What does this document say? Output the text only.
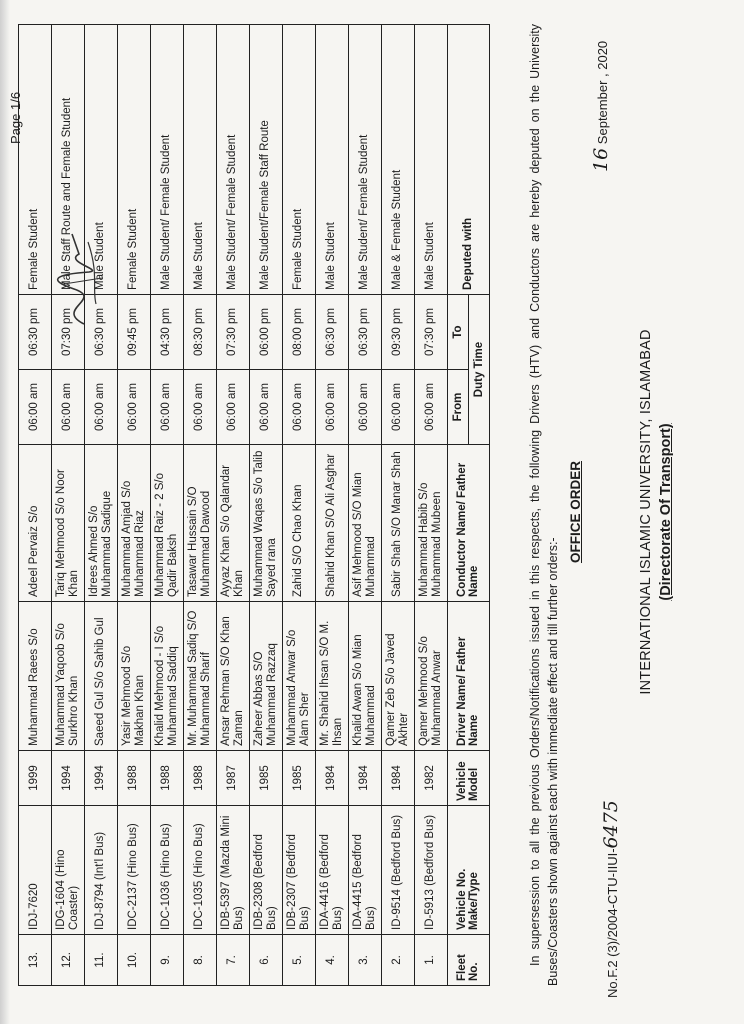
INTERNATIONAL ISLAMIC UNIVERSITY, ISLAMABAD (Directorate Of Transport)
No.F.2 (3)/2004-CTU-IIUI-6475
16 September , 2020
OFFICE ORDER
In supersession to all the previous Orders/Notifications issued in this respects, the following Drivers (HTV) and Conductors are hereby deputed on the University Buses/Coasters shown against each with immediate effect and till further orders:-
Fleet No.	Vehicle No. Make/Type	Vehicle Model	Driver Name/ Father Name	Conductor Name/ Father Name	Duty Time		Deputed with
					From	To	
1.	ID-5913 (Bedford Bus)	1982	Qamer Mehmood S/o Muhammad Anwar	Muhammad Habib S/o Muhammad Mubeen	06:00 am	07:30 pm	Male Student
2.	ID-9514 (Bedford Bus)	1984	Qamer Zeb S/o Javed Akhter	Sabir Shah S/O Manar Shah	06:00 am	09:30 pm	Male & Female Student
3.	IDA-4415 (Bedford Bus)	1984	Khalid Awan S/o Mian Muhammad	Asif Mehmood S/O Mian Muhammad	06:00 am	06:30 pm	Male Student/ Female Student
4.	IDA-4416 (Bedford Bus)	1984	Mr. Shahid Ihsan S/O M. Ihsan	Shahid Khan S/O Ali Asghar	06:00 am	06:30 pm	Male Student
5.	IDB-2307 (Bedford Bus)	1985	Muhammad Anwar S/o Alam Sher	Zahid S/O Chao Khan	06:00 am	08:00 pm	Female Student
6.	IDB-2308 (Bedford Bus)	1985	Zaheer Abbas S/O Muhammad Razzaq	Muhammad Waqas S/o Talib Sayed rana	06:00 am	06:00 pm	Male Student/Female Staff Route
7.	IDB-5397 (Mazda Mini Bus)	1987	Ansar Rehman S/O Khan Zaman	Ayyaz Khan S/o Qalandar Khan	06:00 am	07:30 pm	Male Student/ Female Student
8.	IDC-1035 (Hino Bus)	1988	Mr. Muhammad Sadiq S/O Muhammad Sharif	Tasawar Hussain S/O Muhammad Dawood	06:00 am	08:30 pm	Male Student
9.	IDC-1036 (Hino Bus)	1988	Khalid Mehmood - I S/o Muhammad Saddiq	Muhammad Raiz - 2 S/o Qadir Baksh	06:00 am	04:30 pm	Male Student/ Female Student
10.	IDC-2137 (Hino Bus)	1988	Yasir Mehmood S/o Makhan Khan	Muhammad Amjad S/o Muhammad Riaz	06:00 am	09:45 pm	Female Student
11.	IDJ-8794 (Int'l Bus)	1994	Saeed Gul S/o Sahib Gul	Idrees Ahmed S/o Muhammad Sadique	06:00 am	06:30 pm	Male Student
12.	IDG-1604 (Hino Coaster)	1994	Muhammad Yaqoob S/o Surkhro Khan	Tariq Mehmood S/o Noor Khan	06:00 am	07:30 pm	Male Staff Route and Female Student
13.	IDJ-7620	1999	Muhammad Raees S/o	Adeel Pervaiz S/o	06:00 am	06:30 pm	Female Student
Page 1/6
